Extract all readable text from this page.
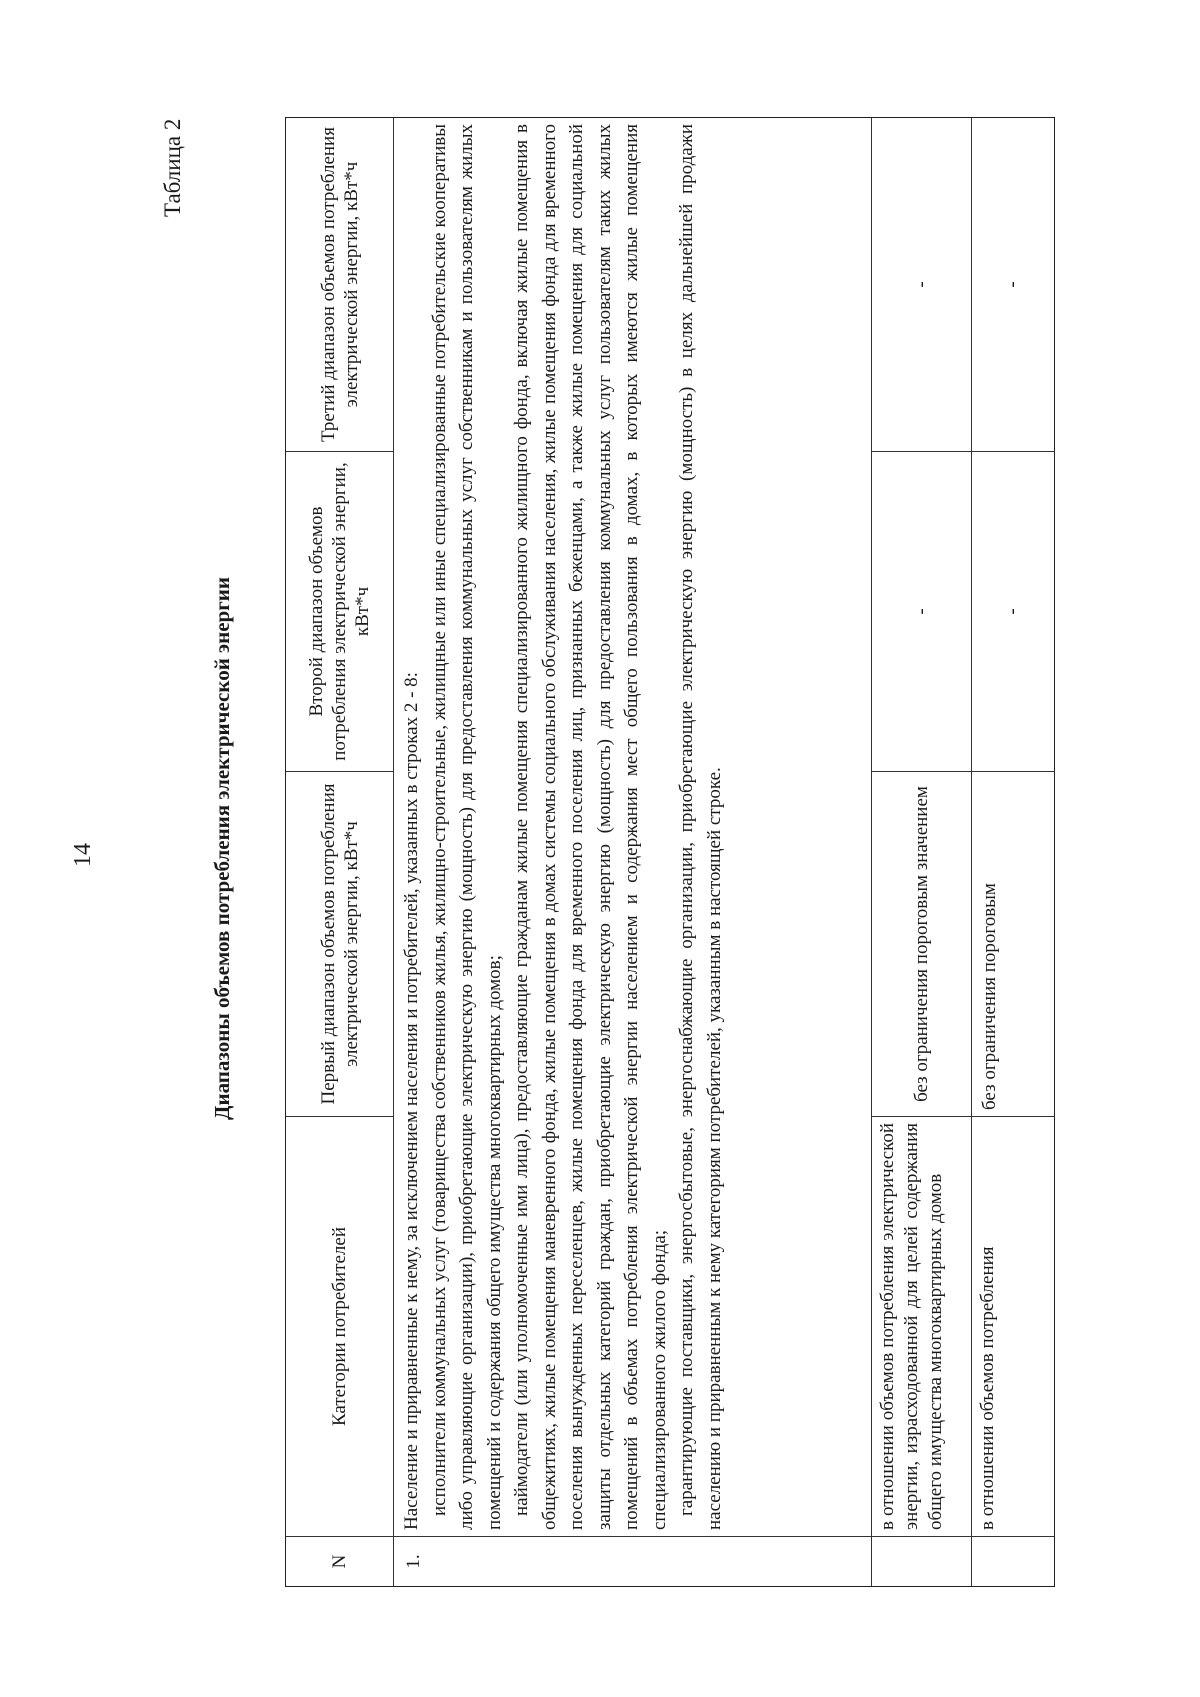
14
Таблица 2
Диапазоны объемов потребления электрической энергии
N
Категории потребителей
Первый диапазон объемов потребления электрической энергии, кВт*ч
Второй диапазон объемов потребления электрической энергии, кВт*ч
Третий диапазон объемов потребления электрической энергии, кВт*ч
1.

Население и приравненные к нему, за исключением населения и потребителей, указанных в строках 2 - 8: исполнители коммунальных услуг (товарищества собственников жилья, жилищно-строительные, жилищные или иные специализированные потребительские кооперативы либо управляющие организации), приобретающие электрическую энергию (мощность) для предоставления коммунальных услуг собственникам и пользователям жилых помещений и содержания общего имущества многоквартирных домов; наймодатели (или уполномоченные ими лица), предоставляющие гражданам жилые помещения специализированного жилищного фонда, включая жилые помещения в общежитиях, жилые помещения маневренного фонда, жилые помещения в домах системы социального обслуживания населения, жилые помещения фонда для временного поселения вынужденных переселенцев, жилые помещения фонда для временного поселения лиц, признанных беженцами, а также жилые помещения для социальной защиты отдельных категорий граждан, приобретающие электрическую энергию (мощность) для предоставления коммунальных услуг пользователям таких жилых помещений в объемах потребления электрической энергии населением и содержания мест общего пользования в домах, в которых имеются жилые помещения специализированного жилого фонда; гарантирующие поставщики, энергосбытовые, энергоснабжающие организации, приобретающие электрическую энергию (мощность) в целях дальнейшей продажи населению и приравненным к нему категориям потребителей, указанным в настоящей строке.	в отношении объемов потребления электрической энергии, израсходованной для целей содержания общего имущества многоквартирных домов
без ограничения пороговым значением
-
-
в отношении объемов потребления
без ограничения пороговым
-
-
